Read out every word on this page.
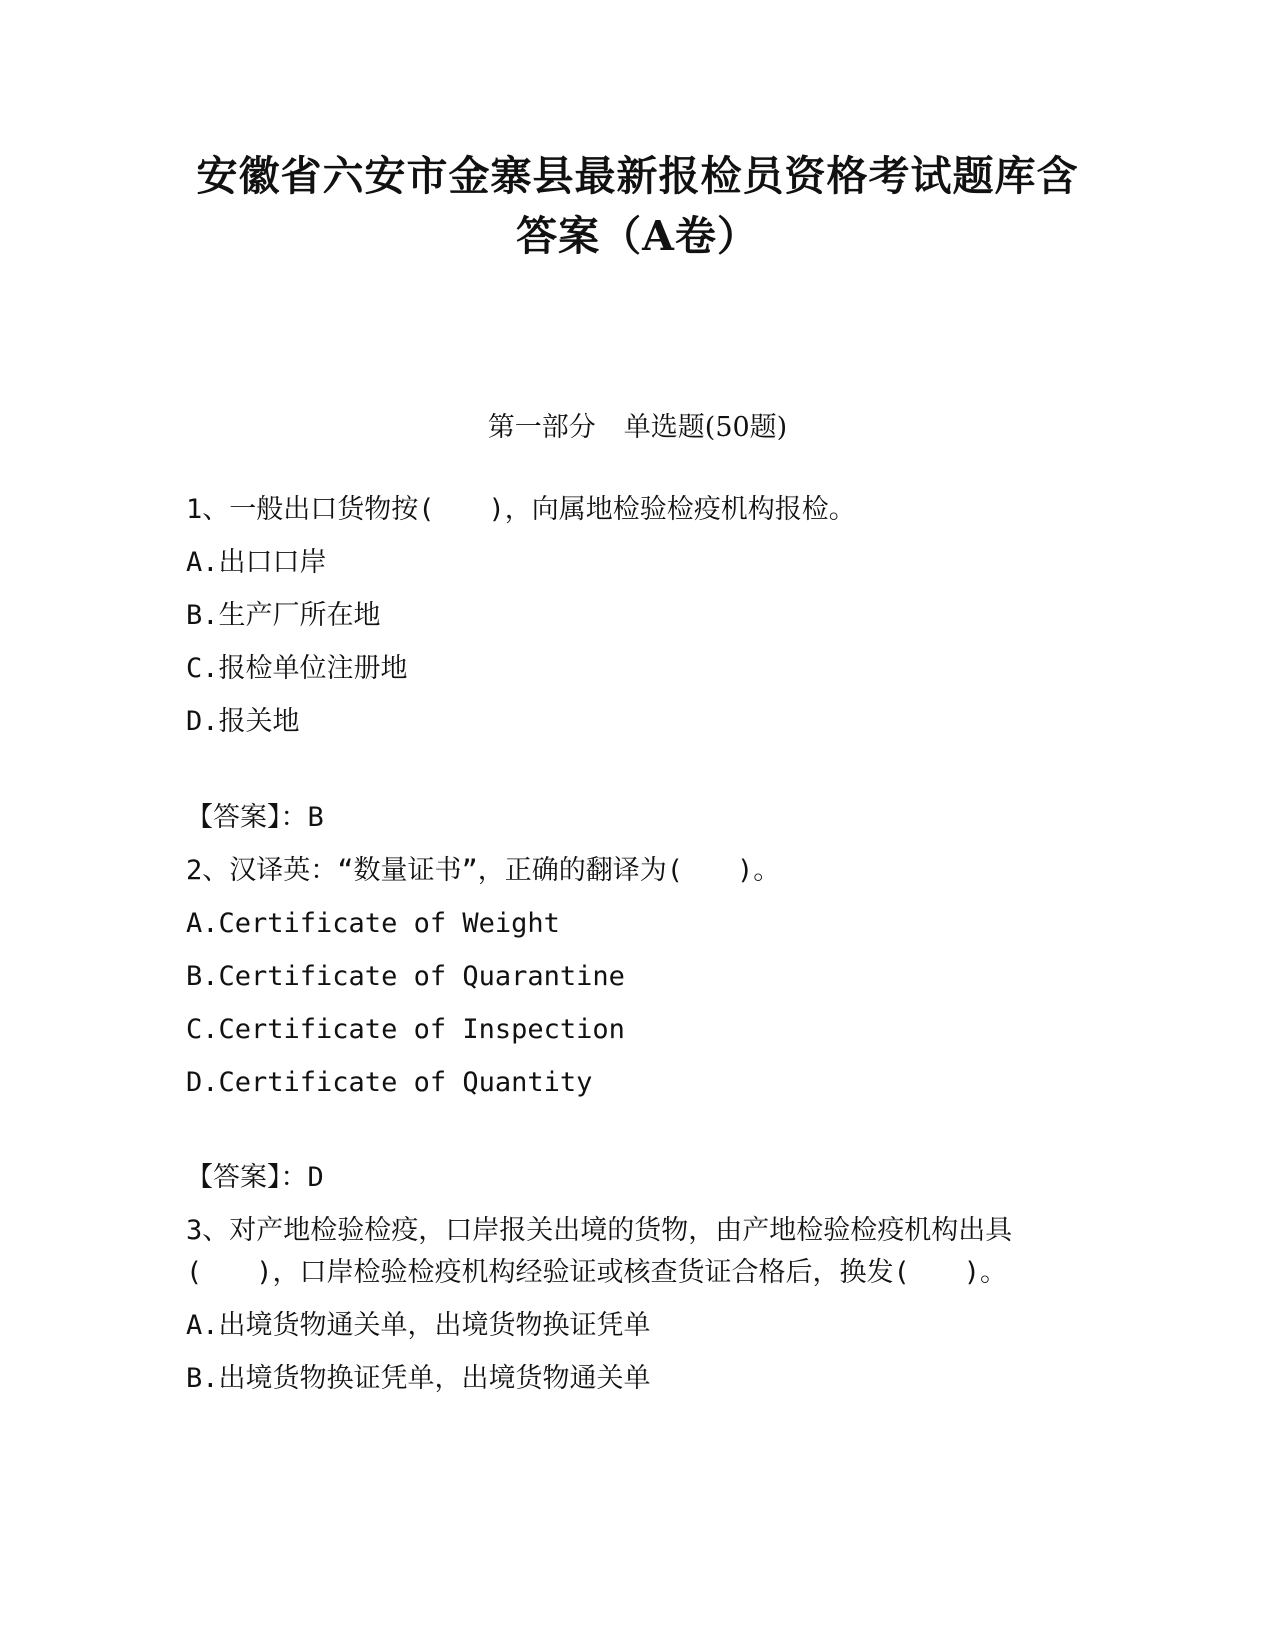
安徽省六安市金寨县最新报检员资格考试题库含
答案（A卷）
第一部分 单选题(50题)

1、一般出口货物按(　　)，向属地检验检疫机构报检。

A.出口口岸

B.生产厂所在地

C.报检单位注册地

D.报关地

【答案】：B

2、汉译英：“数量证书”，正确的翻译为(　　)。

A.Certificate of Weight

B.Certificate of Quarantine

C.Certificate of Inspection

D.Certificate of Quantity

【答案】：D

3、对产地检验检疫，口岸报关出境的货物，由产地检验检疫机构出具

(　　)，口岸检验检疫机构经验证或核查货证合格后，换发(　　)。

A.出境货物通关单，出境货物换证凭单

B.出境货物换证凭单，出境货物通关单
